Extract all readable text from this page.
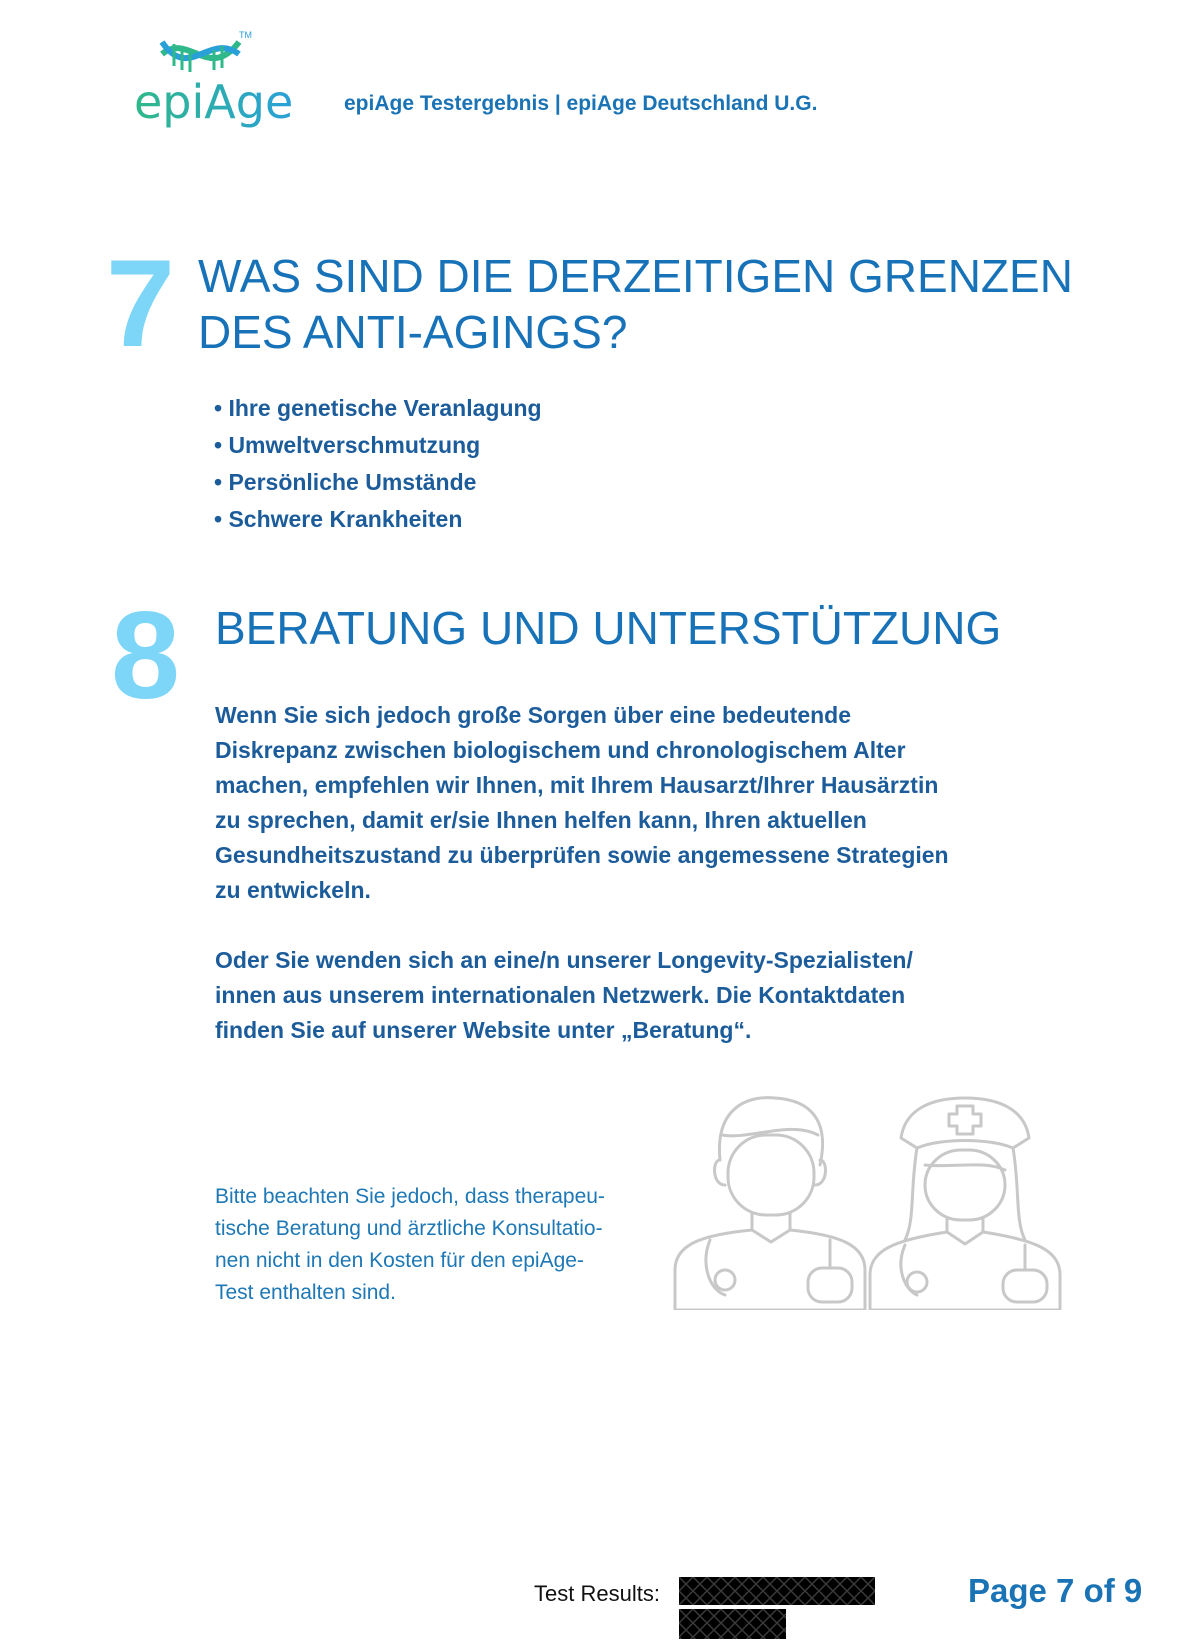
TM
epiAge epiAge Testergebnis | epiAge Deutschland U.G.
7 WAS SIND DIE DERZEITIGEN GRENZEN
DES ANTI-AGINGS?
• Ihre genetische Veranlagung
• Umweltverschmutzung
• Persönliche Umstände
• Schwere Krankheiten
8 BERATUNG UND UNTERSTÜTZUNG
Wenn Sie sich jedoch große Sorgen über eine bedeutende
Diskrepanz zwischen biologischem und chronologischem Alter
machen, empfehlen wir Ihnen, mit Ihrem Hausarzt/Ihrer Hausärztin
zu sprechen, damit er/sie Ihnen helfen kann, Ihren aktuellen
Gesundheitszustand zu überprüfen sowie angemessene Strategien
zu entwickeln.
Oder Sie wenden sich an eine/n unserer Longevity-Spezialisten/
innen aus unserem internationalen Netzwerk. Die Kontaktdaten
finden Sie auf unserer Website unter „Beratung“.
Bitte beachten Sie jedoch, dass therapeu-
tische Beratung und ärztliche Konsultatio-
nen nicht in den Kosten für den epiAge-
Test enthalten sind.
Test Results:	Page 7 of 9
